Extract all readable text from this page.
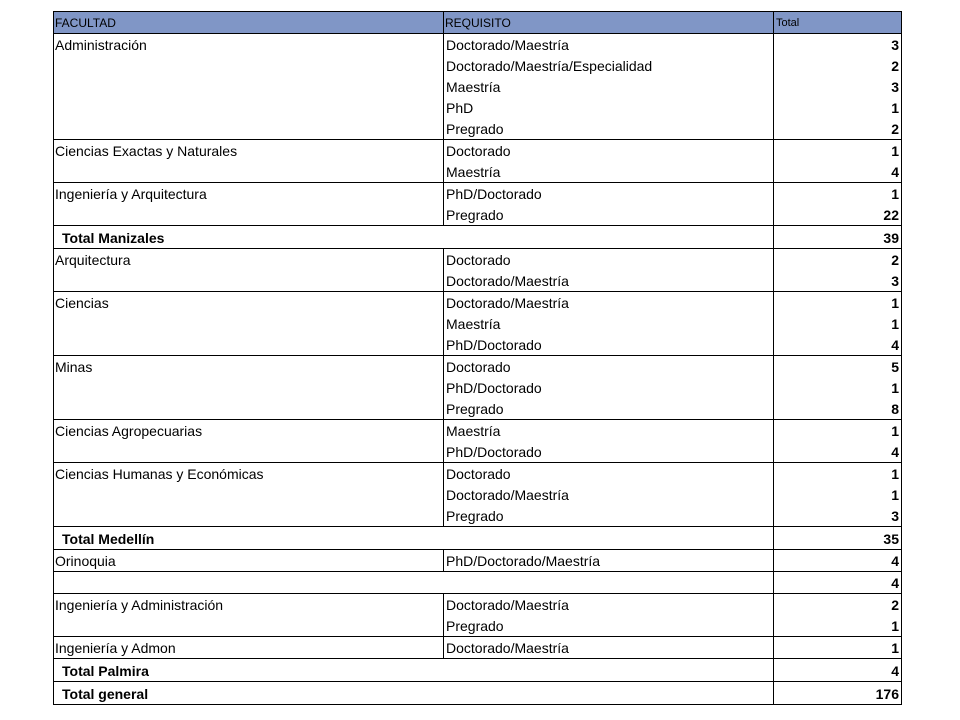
FACULTAD	REQUISITO	Total
Administración	Doctorado/Maestría	3
	Doctorado/Maestría/Especialidad	2
	Maestría	3
	PhD	1
	Pregrado	2
Ciencias Exactas y Naturales	Doctorado	1
	Maestría	4
Ingeniería y Arquitectura	PhD/Doctorado	1
	Pregrado	22
Total Manizales		39
Arquitectura	Doctorado	2
	Doctorado/Maestría	3
Ciencias	Doctorado/Maestría	1
	Maestría	1
	PhD/Doctorado	4
Minas	Doctorado	5
	PhD/Doctorado	1
	Pregrado	8
Ciencias Agropecuarias	Maestría	1
	PhD/Doctorado	4
Ciencias Humanas y Económicas	Doctorado	1
	Doctorado/Maestría	1
	Pregrado	3
Total Medellín		35
Orinoquia	PhD/Doctorado/Maestría	4
		4
Ingeniería y Administración	Doctorado/Maestría	2
	Pregrado	1
Ingeniería y Admon	Doctorado/Maestría	1
Total Palmira		4
Total general		176
